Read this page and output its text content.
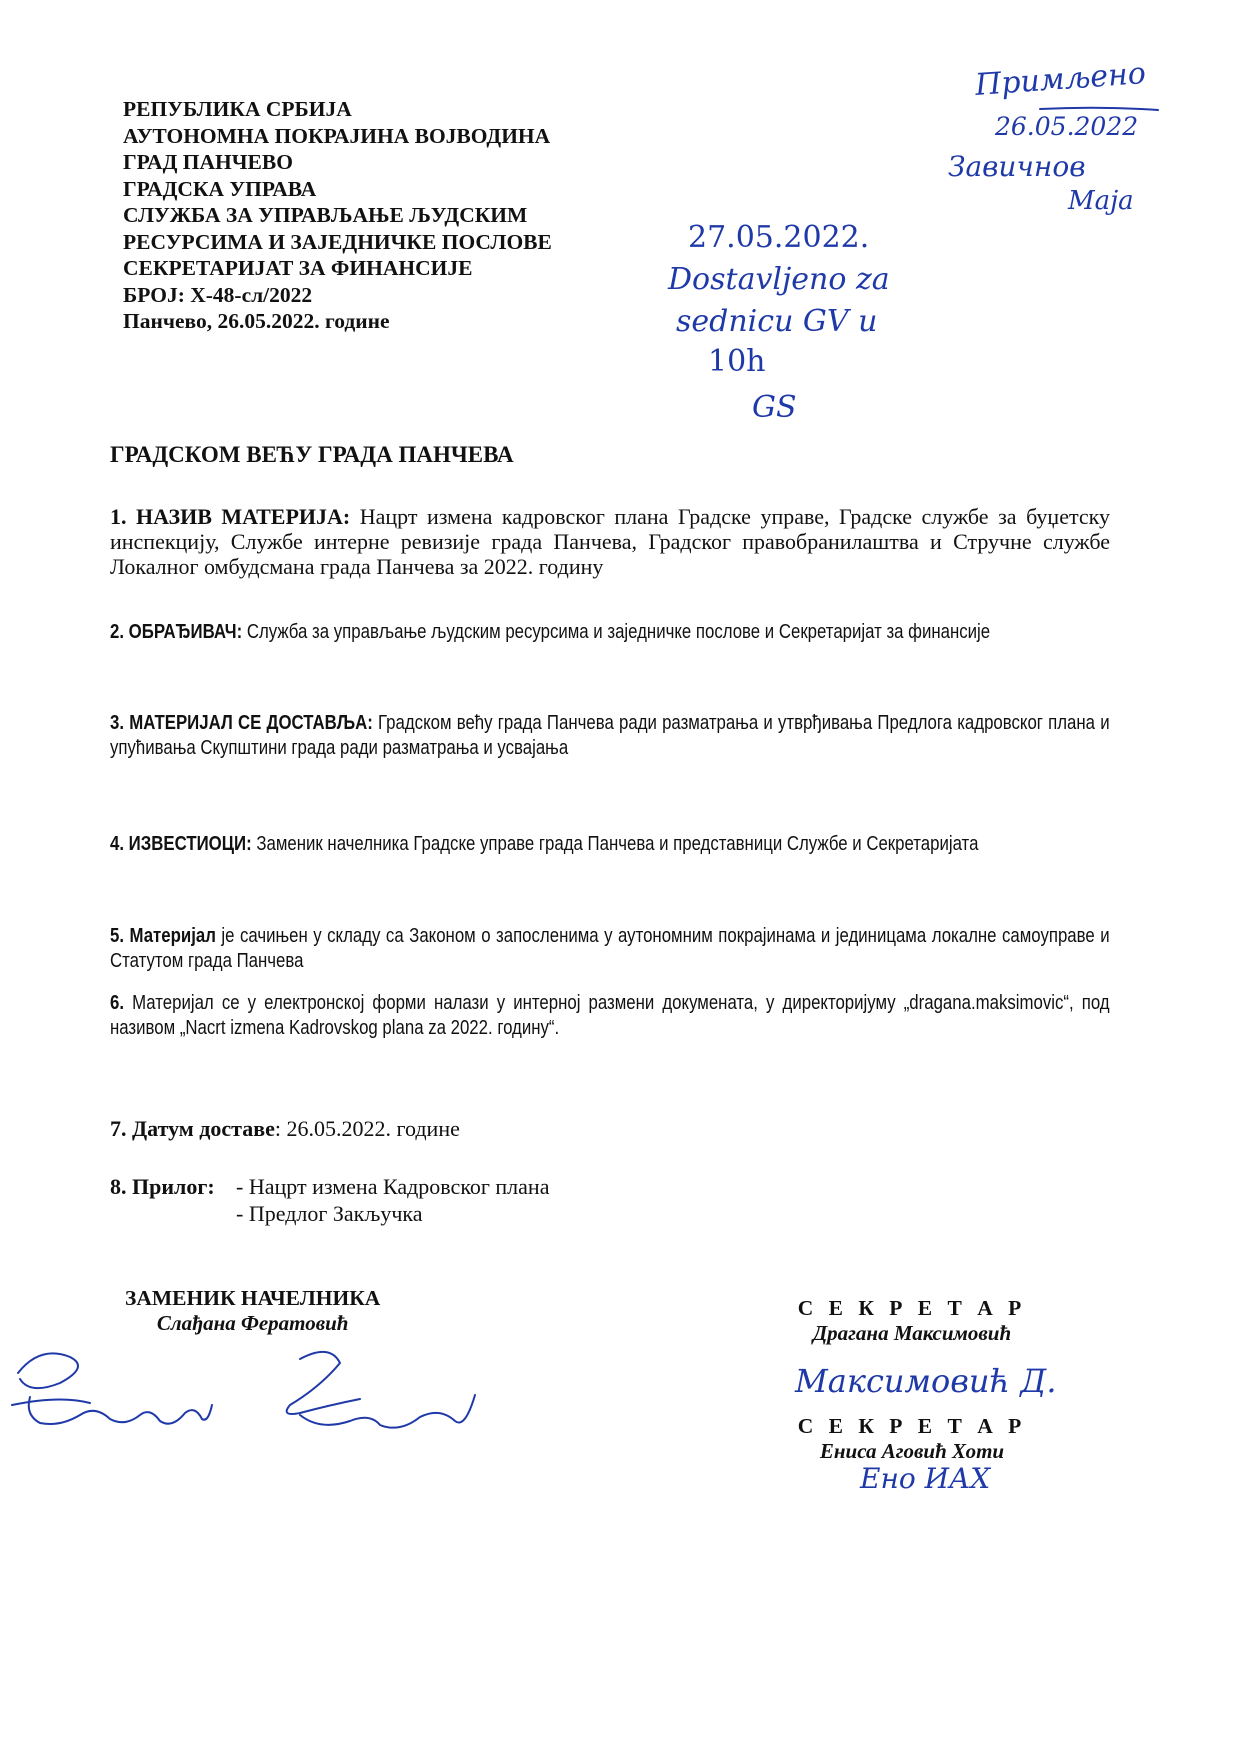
РЕПУБЛИКА СРБИЈА
АУТОНОМНА ПОКРАЈИНА ВОЈВОДИНА
ГРАД ПАНЧЕВО
ГРАДСКА УПРАВА
СЛУЖБА ЗА УПРАВЉАЊЕ ЉУДСКИМ
РЕСУРСИМА И ЗАЈЕДНИЧКЕ ПОСЛОВЕ
СЕКРЕТАРИЈАТ ЗА ФИНАНСИЈЕ
БРОЈ: X-48-сл/2022
Панчево, 26.05.2022. године
Примљено
26.05.2022
Завичнов
Маја
27.05.2022.
Dostavljeno za
sednicu GV u
10h
GS
ГРАДСКОМ ВЕЋУ ГРАДА ПАНЧЕВА
1. НАЗИВ МАТЕРИЈА: Нацрт измена кадровског плана Градске управе, Градске службе за буџетску инспекцију, Службе интерне ревизије града Панчева, Градског правобранилаштва и Стручне службе Локалног омбудсмана града Панчева за 2022. годину
2. ОБРАЂИВАЧ: Служба за управљање људским ресурсима и заједничке послове и Секретаријат за финансије
3. МАТЕРИЈАЛ СЕ ДОСТАВЉА: Градском већу града Панчева ради разматрања и утврђивања Предлога кадровског плана и упућивања Скупштини града ради разматрања и усвајања
4. ИЗВЕСТИОЦИ: Заменик начелника Градске управе града Панчева и представници Службе и Секретаријата
5. Материјал је сачињен у складу са Законом о запосленима у аутономним покрајинама и јединицама локалне самоуправе и Статутом града Панчева
6. Материјал се у електронској форми налази у интерној размени докумената, у директоријуму „dragana.maksimovic“, под називом „Nacrt izmena Kadrovskog plana za 2022. годину“.
7. Датум доставе: 26.05.2022. године
8. Прилог: - Нацрт измена Кадровског плана
- Предлог Закључка
ЗАМЕНИК НАЧЕЛНИКА
Слађана Фератовић
С Е К Р Е Т А Р
Драгана Максимовић
Максимовић Д.
С Е К Р Е Т А Р
Ениса Аговић Хоти
Ено ИАХ
